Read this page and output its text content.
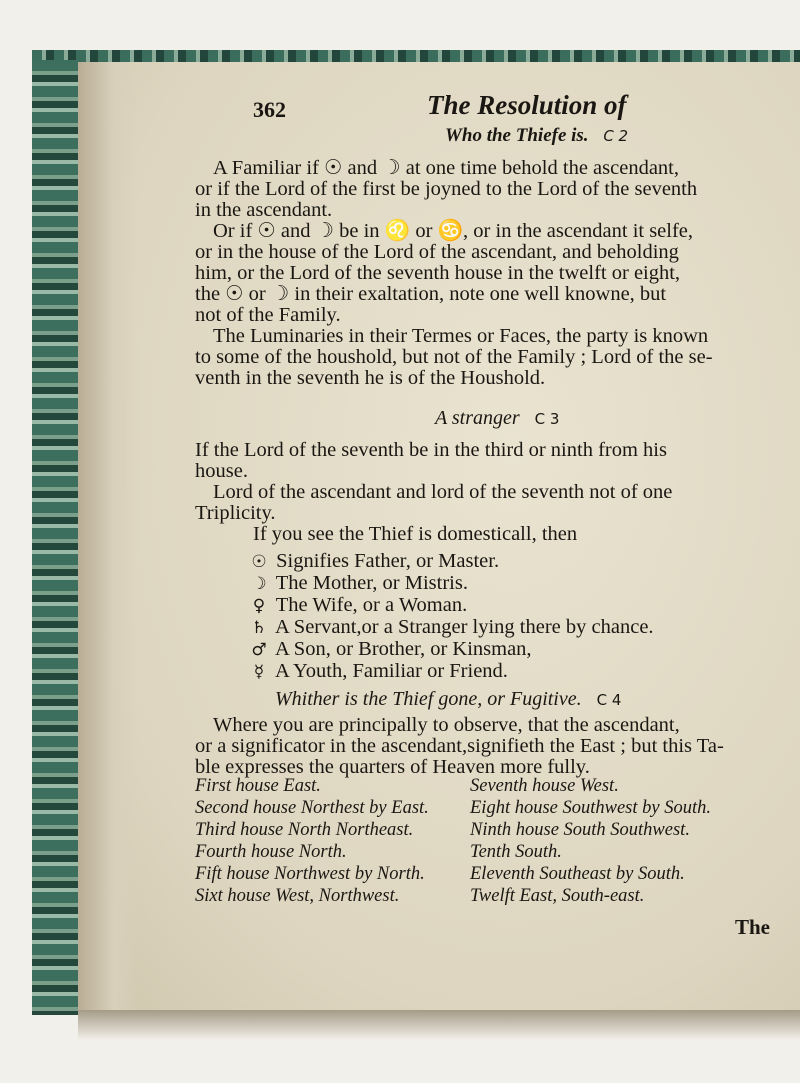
362	The Resolution of
Who the Thiefe is. C 2

A Familiar if ☉ and ☽ at one time behold the ascendant,
or if the Lord of the first be joyned to the Lord of the seventh
in the ascendant.

Or if ☉ and ☽ be in ♌ or ♋, or in the ascendant it selfe,
or in the house of the Lord of the ascendant, and beholding
him, or the Lord of the seventh house in the twelft or eight,
the ☉ or ☽ in their exaltation, note one well knowne, but
not of the Family.

The Luminaries in their Termes or Faces, the party is known
to some of the houshold, but not of the Family ; Lord of the se-
venth in the seventh he is of the Houshold.

A stranger C 3

If the Lord of the seventh be in the third or ninth from his
house.

Lord of the ascendant and lord of the seventh not of one
Triplicity.

If you see the Thief is domesticall, then

☉ Signifies Father, or Master.
☽ The Mother, or Mistris.
♀ The Wife, or a Woman.
♄ A Servant,or a Stranger lying there by chance.
♂ A Son, or Brother, or Kinsman,
☿ A Youth, Familiar or Friend.
Whither is the Thief gone, or Fugitive. C 4

Where you are principally to observe, that the ascendant,
or a significator in the ascendant,signifieth the East ; but this Ta-
ble expresses the quarters of Heaven more fully.

First house East.
Second house Northest by East.
Third house North Northeast.
Fourth house North.
Fift house Northwest by North.
Sixt house West, Northwest.
Seventh house West.
Eight house Southwest by South.
Ninth house South Southwest.
Tenth South.
Eleventh Southeast by South.
Twelft East, South-east.
The
